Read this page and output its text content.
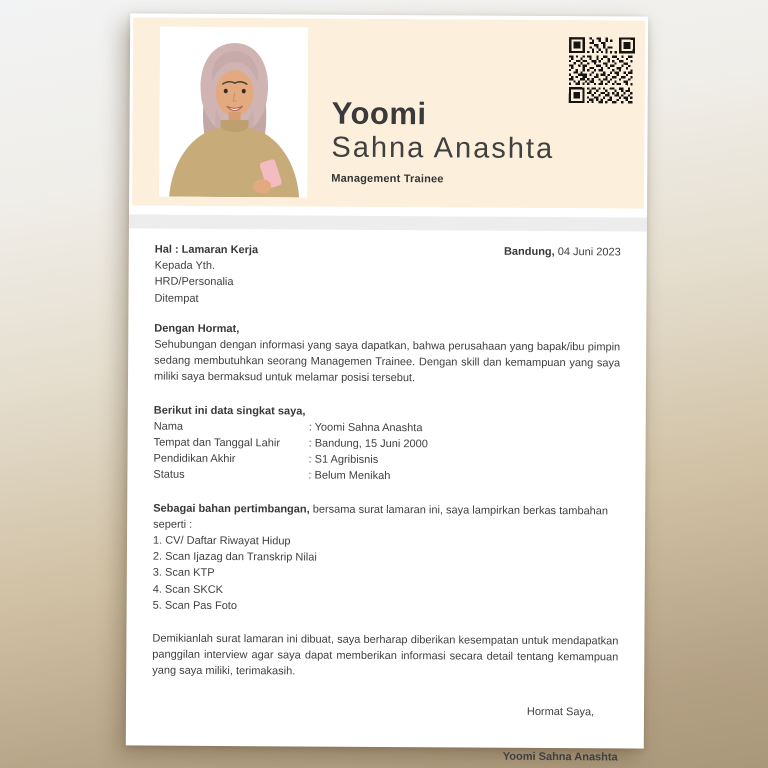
Yoomi
Sahna Anashta
Management Trainee
Hal : Lamaran Kerja	Bandung, 04 Juni 2023
Kepada Yth.
HRD/Personalia
Ditempat
Dengan Hormat,
Sehubungan dengan informasi yang saya dapatkan, bahwa perusahaan yang bapak/ibu pimpin sedang membutuhkan seorang Managemen Trainee. Dengan skill dan kemampuan yang saya miliki saya bermaksud untuk melamar posisi tersebut.
Berikut ini data singkat saya,
Nama	: Yoomi Sahna Anashta
Tempat dan Tanggal Lahir	: Bandung, 15 Juni 2000
Pendidikan Akhir	: S1 Agribisnis
Status	: Belum Menikah
Sebagai bahan pertimbangan, bersama surat lamaran ini, saya lampirkan berkas tambahan seperti :
1. CV/ Daftar Riwayat Hidup
2. Scan Ijazag dan Transkrip Nilai
3. Scan KTP
4. Scan SKCK
5. Scan Pas Foto
Demikianlah surat lamaran ini dibuat, saya berharap diberikan kesempatan untuk mendapatkan panggilan interview agar saya dapat memberikan informasi secara detail tentang kemampuan yang saya miliki, terimakasih.
Hormat Saya,
Yoomi Sahna Anashta
